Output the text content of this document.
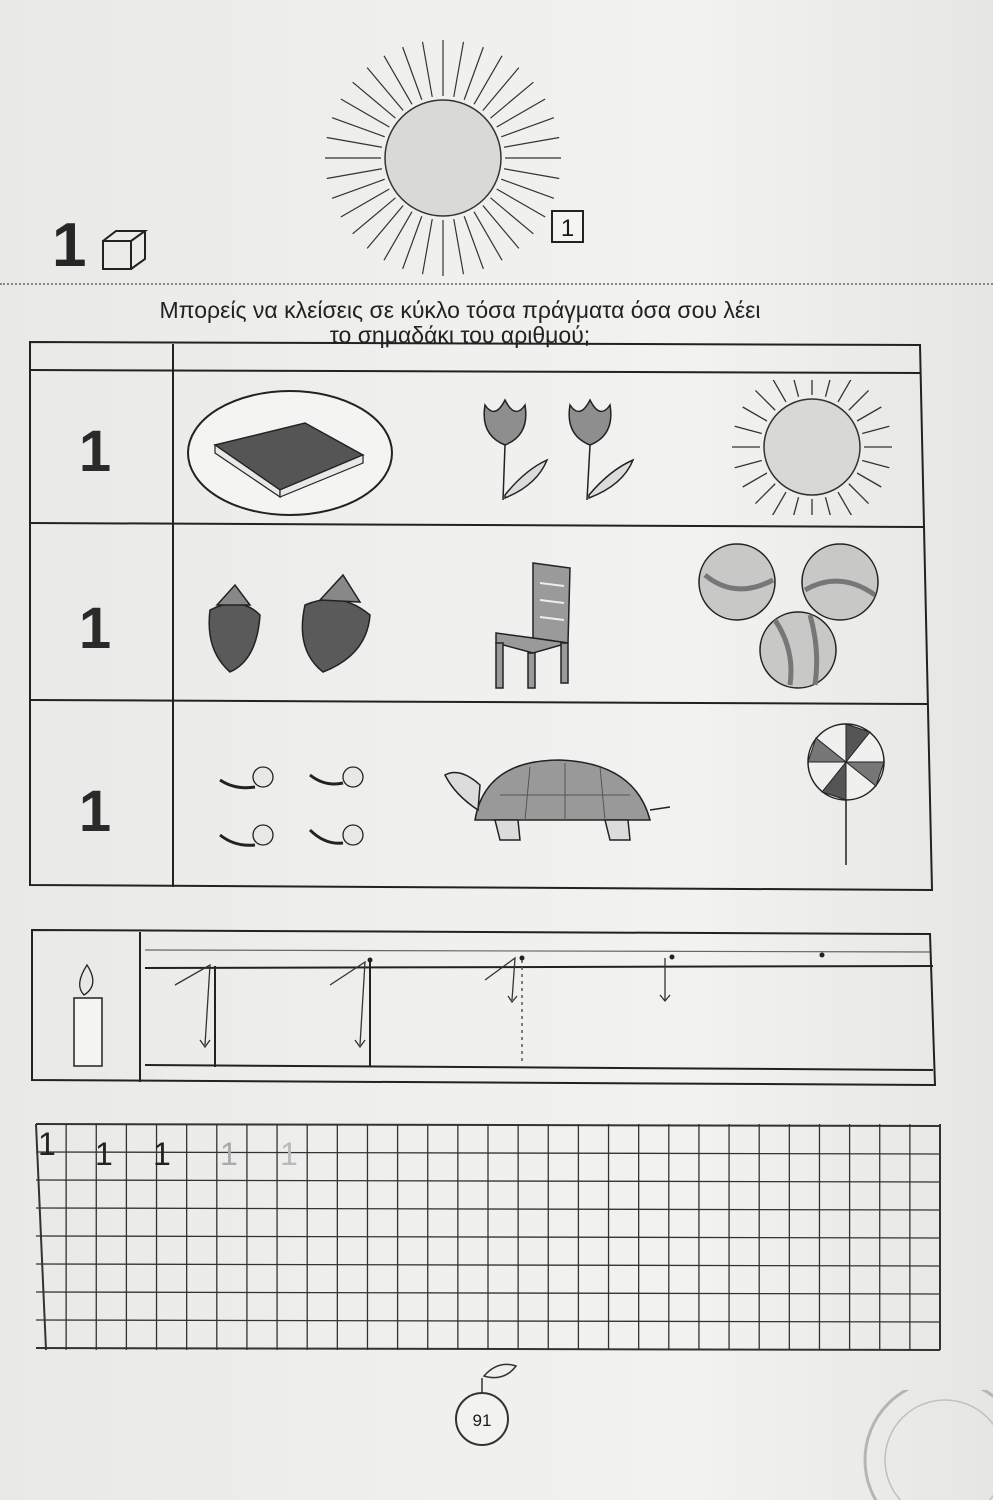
1	1
Μπορείς να κλείσεις σε κύκλο τόσα πράγματα όσα σου λέει
το σημαδάκι του αριθμού;
1
1
1
1 1 1 1 1
91
